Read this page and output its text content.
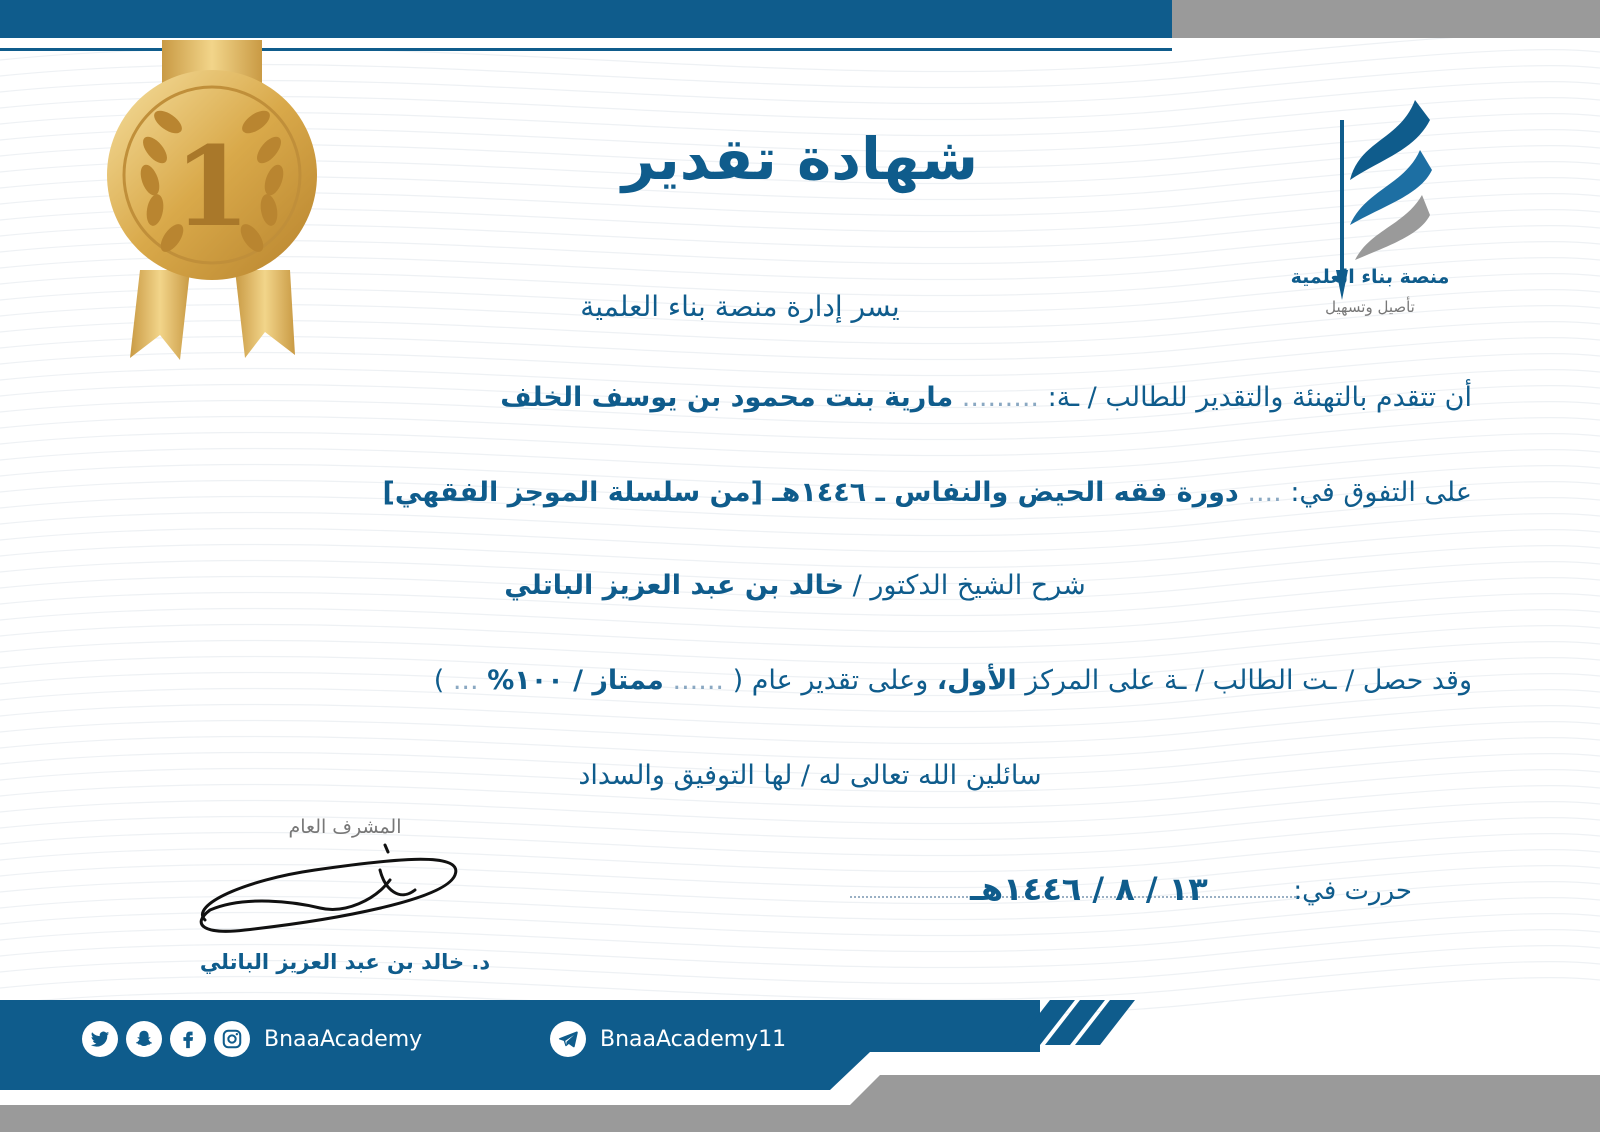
1
منصة بناء العلمية
تأصيل وتسهيل
شهادة تقدير
يسر إدارة منصة بناء العلمية
أن تتقدم بالتهنئة والتقدير للطالب / ـة: ......... مارية بنت محمود بن يوسف الخلف
على التفوق في: .... دورة فقه الحيض والنفاس ـ ١٤٤٦هـ [من سلسلة الموجز الفقهي]
شرح الشيخ الدكتور / خالد بن عبد العزيز الباتلي
وقد حصل / ـت الطالب / ـة على المركز الأول، وعلى تقدير عام ( ...... ممتاز / ١٠٠% ... )
سائلين الله تعالى له / لها التوفيق والسداد
المشرف العام
د. خالد بن عبد العزيز الباتلي
حررت في:
١٣ / ٨ / ١٤٤٦هـ
BnaaAcademy	BnaaAcademy11
